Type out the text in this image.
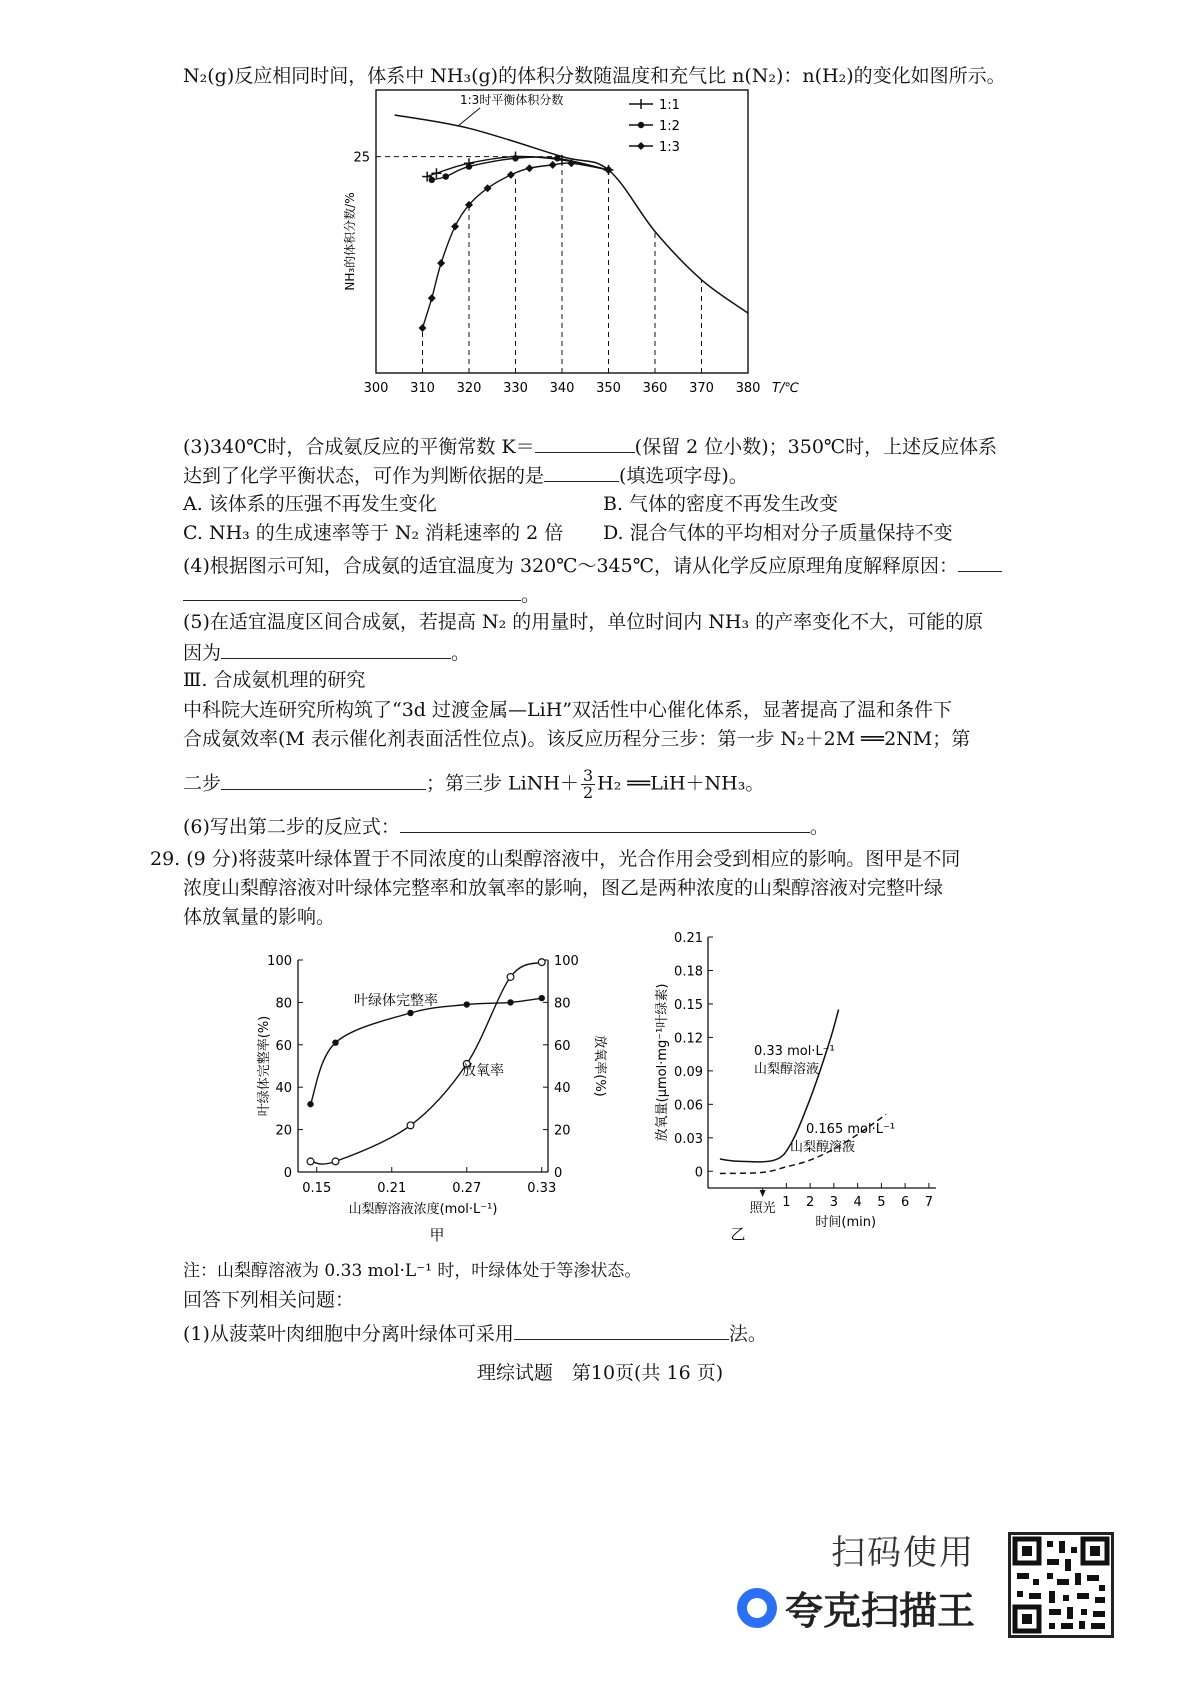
N₂(g)反应相同时间，体系中 NH₃(g)的体积分数随温度和充气比 n(N₂)：n(H₂)的变化如图所示。
300 310 320 330 340 350 360 370 380 T/℃
25
NH₃的体积分数/%
1:3时平衡体积分数	1:1
1:2
1:3
(3)340℃时，合成氨反应的平衡常数 K＝	(保留 2 位小数)；350℃时，上述反应体系
达到了化学平衡状态，可作为判断依据的是	(填选项字母)。
A. 该体系的压强不再发生变化	B. 气体的密度不再发生改变
C. NH₃ 的生成速率等于 N₂ 消耗速率的 2 倍 D. 混合气体的平均相对分子质量保持不变
(4)根据图示可知，合成氨的适宜温度为 320℃～345℃，请从化学反应原理角度解释原因：
。
(5)在适宜温度区间合成氨，若提高 N₂ 的用量时，单位时间内 NH₃ 的产率变化不大，可能的原
因为	。
Ⅲ. 合成氨机理的研究
中科院大连研究所构筑了“3d 过渡金属—LiH”双活性中心催化体系，显著提高了温和条件下
合成氨效率(M 表示催化剂表面活性位点)。该反应历程分三步：第一步 N₂＋2M ══2NM；第
二步	；第三步 LiNH＋ $\frac{3}{2} H_2$ ══LiH＋NH₃。
(6)写出第二步的反应式：	。
29. (9 分)将菠菜叶绿体置于不同浓度的山梨醇溶液中，光合作用会受到相应的影响。图甲是不同
浓度山梨醇溶液对叶绿体完整率和放氧率的影响，图乙是两种浓度的山梨醇溶液对完整叶绿
体放氧量的影响。
0	0
20	20
40	40
60	60
80	80
100	100
0.15	0.21	0.27	0.33
山梨醇溶液浓度(mol·L⁻¹)
叶绿体完整率(%)	放氧率(%)
叶绿体完整率
放氧率
甲
0
0.03
0.06
0.09
0.12
0.15
0.18
0.21
1 2 3 4 5 6 7
照光
时间(min)
放氧量(μmol·mg⁻¹叶绿素)	0.33 mol·L⁻¹
山梨醇溶液
0.165 mol·L⁻¹
山梨醇溶液
乙
注：山梨醇溶液为 0.33 mol·L⁻¹ 时，叶绿体处于等渗状态。
回答下列相关问题：
(1)从菠菜叶肉细胞中分离叶绿体可采用	法。
理综试题　第10页(共 16 页)
扫码使用
夸克扫描王
